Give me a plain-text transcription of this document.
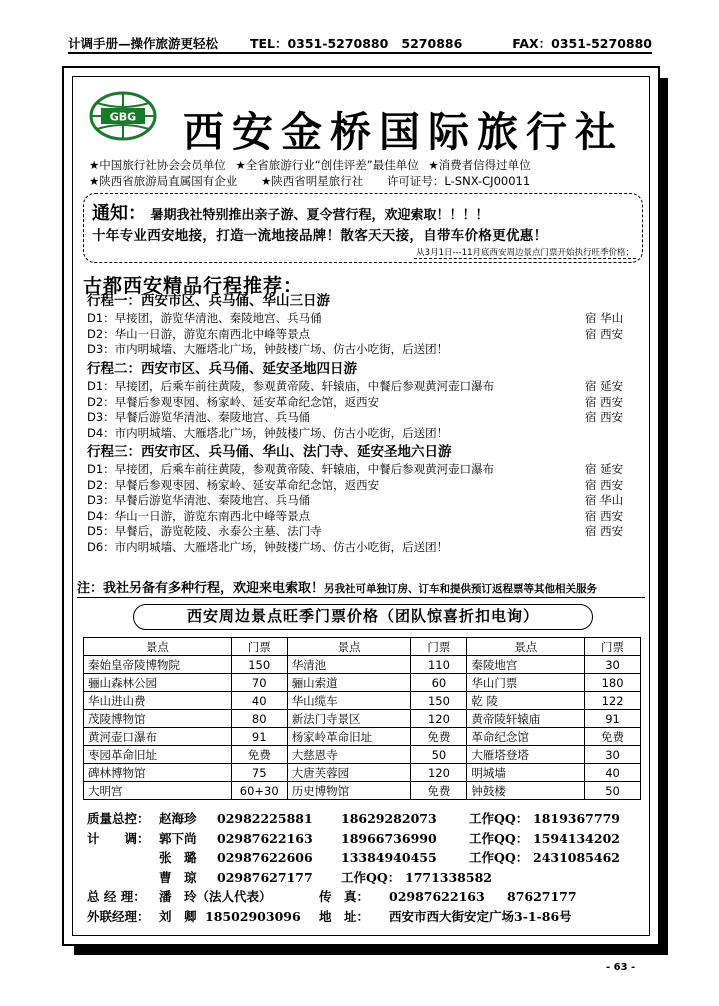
计调手册—操作旅游更轻松	TEL：0351-5270880 5270886	FAX：0351-5270880
GBG 西安金桥国际旅行社
★中国旅行社协会会员单位 ★全省旅游行业“创佳评差”最佳单位 ★消费者信得过单位
★陕西省旅游局直属国有企业 ★陕西省明星旅行社 许可证号：L-SNX-CJ00011
通知： 暑期我社特别推出亲子游、夏令营行程，欢迎索取！！！！
十年专业西安地接，打造一流地接品牌！散客天天接，自带车价格更优惠！
从3月1日---11月底西安周边景点门票开始执行旺季价格；
古都西安精品行程推荐：
行程一：西安市区、兵马俑、华山三日游
D1：早接团，游览华清池、秦陵地宫、兵马俑	宿 华山
D2：华山一日游，游览东南西北中峰等景点	宿 西安
D3：市内明城墙、大雁塔北广场，钟鼓楼广场、仿古小吃街，后送团！
行程二：西安市区、兵马俑、延安圣地四日游
D1：早接团，后乘车前往黄陵，参观黄帝陵、轩辕庙，中餐后参观黄河壶口瀑布	宿 延安
D2：早餐后参观枣园、杨家岭、延安革命纪念馆，返西安	宿 西安
D3：早餐后游览华清池、秦陵地宫、兵马俑	宿 西安
D4：市内明城墙、大雁塔北广场，钟鼓楼广场、仿古小吃街，后送团！
行程三：西安市区、兵马俑、华山、法门寺、延安圣地六日游
D1：早接团，后乘车前往黄陵，参观黄帝陵、轩辕庙，中餐后参观黄河壶口瀑布	宿 延安
D2：早餐后参观枣园、杨家岭、延安革命纪念馆，返西安	宿 西安
D3：早餐后游览华清池、秦陵地宫、兵马俑	宿 华山
D4：华山一日游，游览东南西北中峰等景点	宿 西安
D5：早餐后，游览乾陵、永泰公主墓、法门寺	宿 西安
D6：市内明城墙、大雁塔北广场，钟鼓楼广场、仿古小吃街，后送团！
注：我社另备有多种行程，欢迎来电索取！另我社可单独订房、订车和提供预订返程票等其他相关服务
西安周边景点旺季门票价格（团队惊喜折扣电询）
景点	门票	景点	门票	景点	门票
秦始皇帝陵博物院	150	华清池	110	秦陵地宫	30
骊山森林公园	70	骊山索道	60	华山门票	180
华山进山费	40	华山缆车	150	乾 陵	122
茂陵博物馆	80	新法门寺景区	120	黄帝陵轩辕庙	91
黄河壶口瀑布	91	杨家岭革命旧址	免费	革命纪念馆	免费
枣园革命旧址	免费	大慈恩寺	50	大雁塔登塔	30
碑林博物馆	75	大唐芙蓉园	120	明城墙	40
大明宫	60+30	历史博物馆	免费	钟鼓楼	50
质量总控： 赵海珍 02982225881 18629282073	工作QQ： 1819367779
计　　调： 郭下尚 02987622163 18966736990	工作QQ： 1594134202
张　璐 02987622606 13384940455	工作QQ： 2431085462
曹　琼 02987627177 工作QQ： 1771338582
总 经 理： 潘　玲（法人代表）	传　真： 02987622163 87627177
外联经理： 刘　卿 18502903096 地　址： 西安市西大街安定广场3-1-86号
- 63 -
